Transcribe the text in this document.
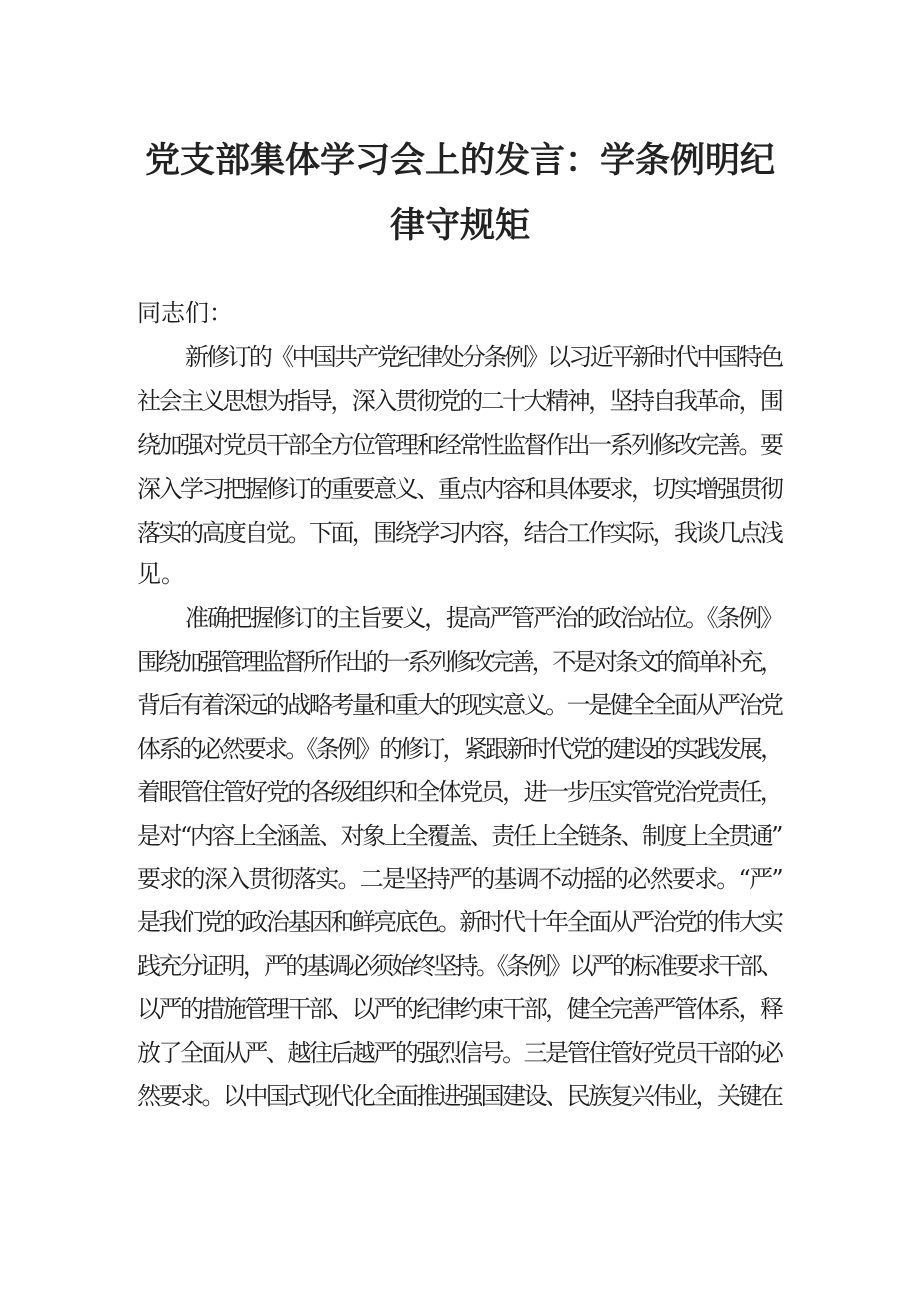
党支部集体学习会上的发言：学条例明纪
律守规矩
同志们：
新修订的《中国共产党纪律处分条例》以习近平新时代中国特色
社会主义思想为指导，深入贯彻党的二十大精神，坚持自我革命，围
绕加强对党员干部全方位管理和经常性监督作出一系列修改完善。要
深入学习把握修订的重要意义、重点内容和具体要求，切实增强贯彻
落实的高度自觉。下面，围绕学习内容，结合工作实际，我谈几点浅
见。
准确把握修订的主旨要义，提高严管严治的政治站位。《条例》
围绕加强管理监督所作出的一系列修改完善，不是对条文的简单补充，
背后有着深远的战略考量和重大的现实意义。一是健全全面从严治党
体系的必然要求。《条例》的修订，紧跟新时代党的建设的实践发展，
着眼管住管好党的各级组织和全体党员，进一步压实管党治党责任，
是对“内容上全涵盖、对象上全覆盖、责任上全链条、制度上全贯通”
要求的深入贯彻落实。二是坚持严的基调不动摇的必然要求。“严”
是我们党的政治基因和鲜亮底色。新时代十年全面从严治党的伟大实
践充分证明，严的基调必须始终坚持。《条例》以严的标准要求干部、
以严的措施管理干部、以严的纪律约束干部，健全完善严管体系，释
放了全面从严、越往后越严的强烈信号。三是管住管好党员干部的必
然要求。以中国式现代化全面推进强国建设、民族复兴伟业，关键在
